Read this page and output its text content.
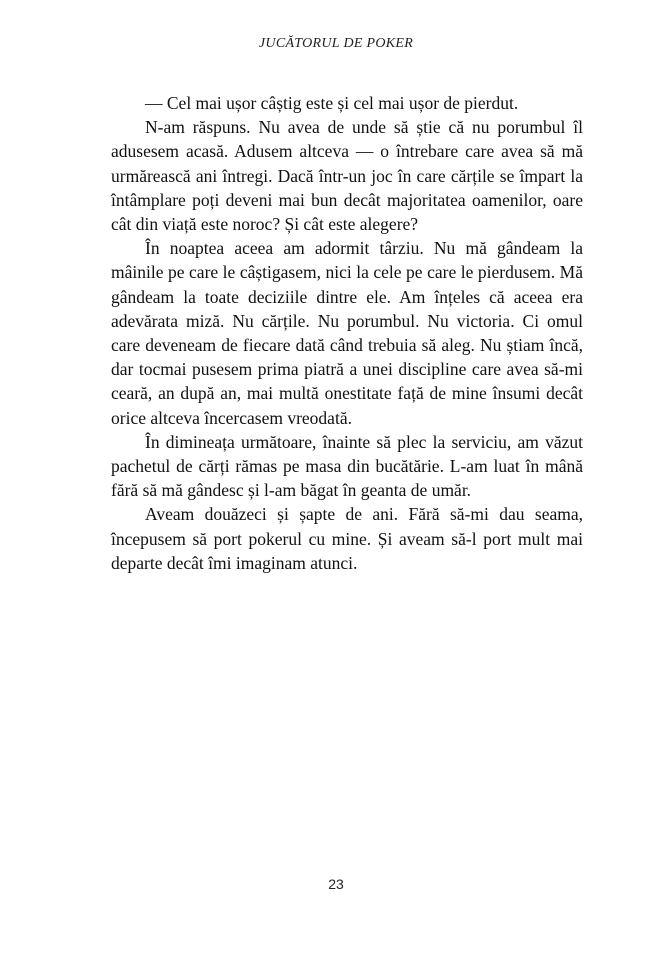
JUCĂTORUL DE POKER

— Cel mai ușor câștig este și cel mai ușor de pierdut.

N-am răspuns. Nu avea de unde să știe că nu porumbul îl adusesem acasă. Adusem altceva — o întrebare care avea să mă urmărească ani întregi. Dacă într-un joc în care cărțile se împart la întâmplare poți deveni mai bun decât majoritatea oamenilor, oare cât din viață este noroc? Și cât este alegere?

În noaptea aceea am adormit târziu. Nu mă gândeam la mâinile pe care le câștigasem, nici la cele pe care le pierdusem. Mă gândeam la toate deciziile dintre ele. Am înțeles că aceea era adevărata miză. Nu cărțile. Nu porumbul. Nu victoria. Ci omul care deveneam de fiecare dată când trebuia să aleg. Nu știam încă, dar tocmai pusesem prima piatră a unei discipline care avea să-mi ceară, an după an, mai multă onestitate față de mine însumi decât orice altceva încercasem vreodată.

În dimineața următoare, înainte să plec la serviciu, am văzut pachetul de cărți rămas pe masa din bucătărie. L-am luat în mână fără să mă gândesc și l-am băgat în geanta de umăr.

Aveam douăzeci și șapte de ani. Fără să-mi dau seama, începusem să port pokerul cu mine. Și aveam să-l port mult mai departe decât îmi imaginam atunci.

23
